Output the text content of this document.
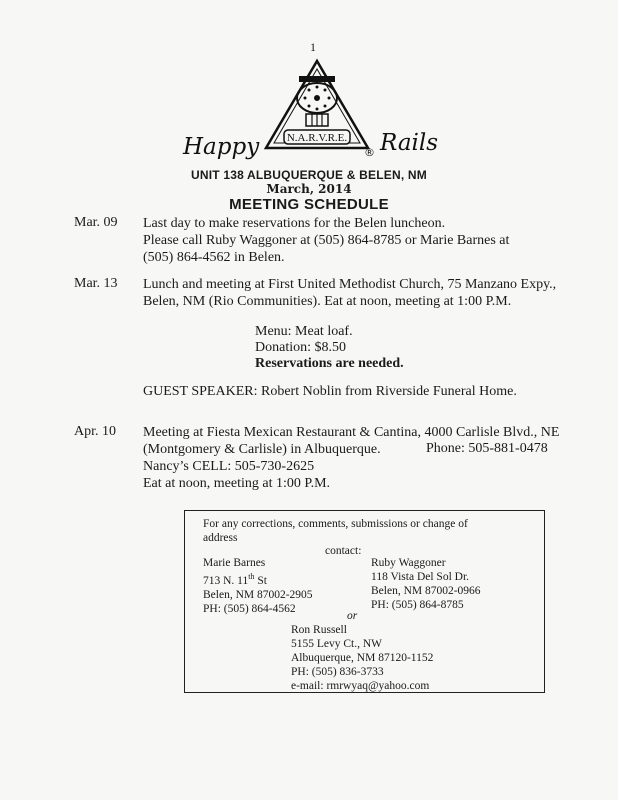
1
N.A.R.V.R.E.
Happy	® Rails
UNIT 138 ALBUQUERQUE & BELEN, NM
March, 2014
MEETING SCHEDULE
Mar. 09 Last day to make reservations for the Belen luncheon.
Please call Ruby Waggoner at (505) 864-8785 or Marie Barnes at
(505) 864-4562 in Belen.
Mar. 13 Lunch and meeting at First United Methodist Church, 75 Manzano Expy.,
Belen, NM (Rio Communities). Eat at noon, meeting at 1:00 P.M.
Menu: Meat loaf.
Donation: $8.50
Reservations are needed.
GUEST SPEAKER: Robert Noblin from Riverside Funeral Home.
Apr. 10 Meeting at Fiesta Mexican Restaurant & Cantina, 4000 Carlisle Blvd., NE
(Montgomery & Carlisle) in Albuquerque.
Nancy’s CELL: 505-730-2625
Eat at noon, meeting at 1:00 P.M.
Phone: 505-881-0478
For any corrections, comments, submissions or change of
address
contact:
Marie Barnes
713 N. 11th St
Belen, NM 87002-2905
PH: (505) 864-4562
Ruby Waggoner
118 Vista Del Sol Dr.
Belen, NM 87002-0966
PH: (505) 864-8785
or
Ron Russell
5155 Levy Ct., NW
Albuquerque, NM 87120-1152
PH: (505) 836-3733
e-mail: rmrwyaq@yahoo.com
